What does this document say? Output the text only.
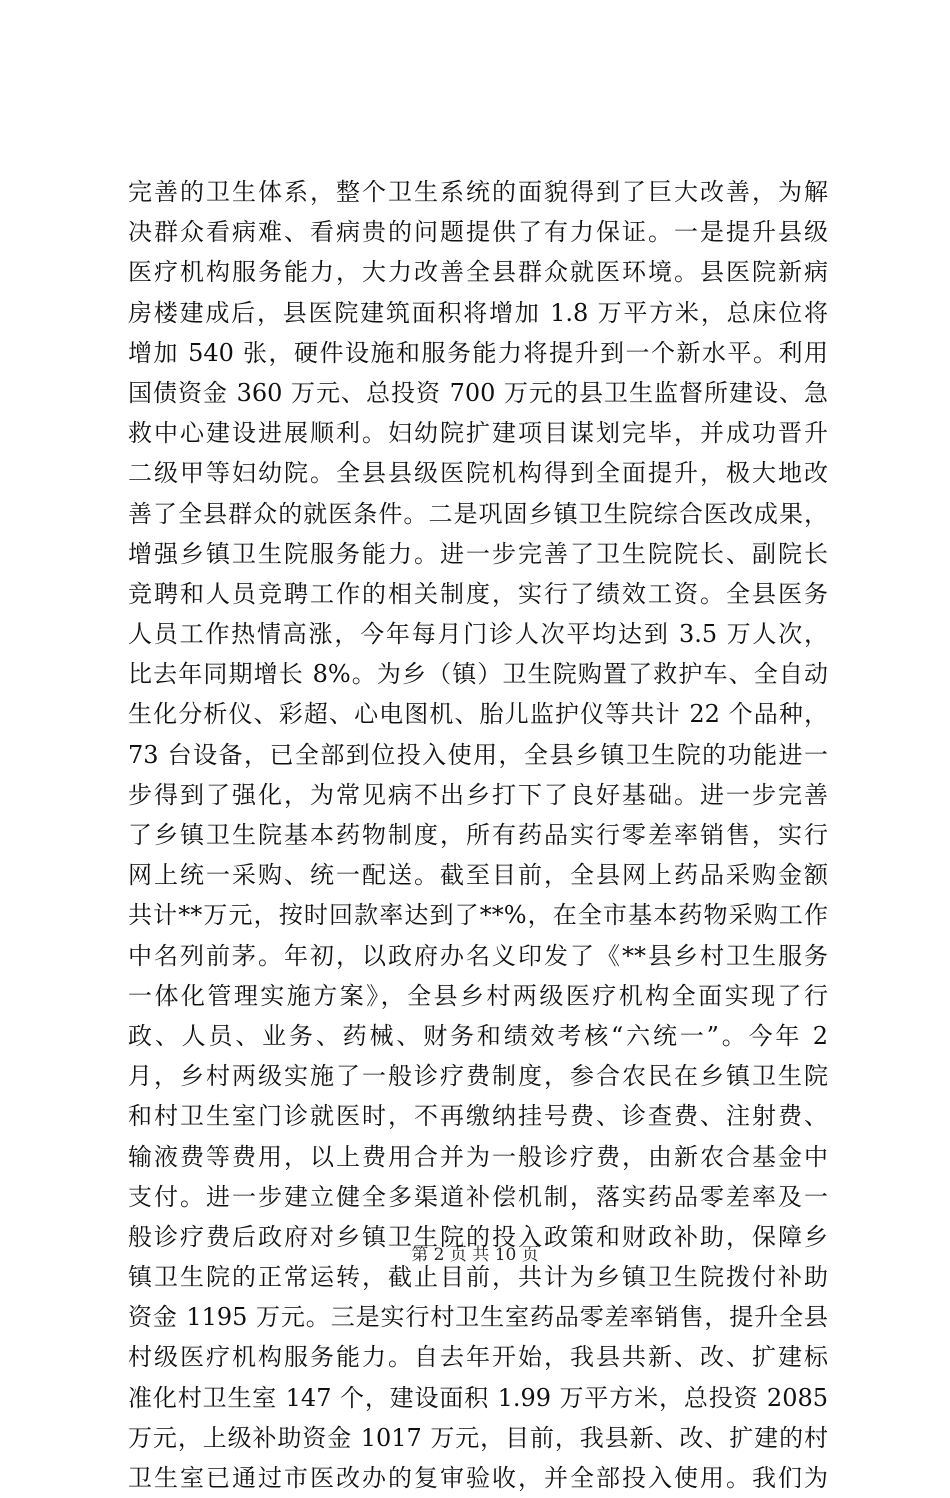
完善的卫生体系，整个卫生系统的面貌得到了巨大改善，为解
决群众看病难、看病贵的问题提供了有力保证。一是提升县级
医疗机构服务能力，大力改善全县群众就医环境。县医院新病
房楼建成后，县医院建筑面积将增加 1.8 万平方米，总床位将
增加 540 张，硬件设施和服务能力将提升到一个新水平。利用
国债资金 360 万元、总投资 700 万元的县卫生监督所建设、急
救中心建设进展顺利。妇幼院扩建项目谋划完毕，并成功晋升
二级甲等妇幼院。全县县级医院机构得到全面提升，极大地改
善了全县群众的就医条件。二是巩固乡镇卫生院综合医改成果，
增强乡镇卫生院服务能力。进一步完善了卫生院院长、副院长
竞聘和人员竞聘工作的相关制度，实行了绩效工资。全县医务
人员工作热情高涨，今年每月门诊人次平均达到 3.5 万人次，
比去年同期增长 8%。为乡（镇）卫生院购置了救护车、全自动
生化分析仪、彩超、心电图机、胎儿监护仪等共计 22 个品种，
73 台设备，已全部到位投入使用，全县乡镇卫生院的功能进一
步得到了强化，为常见病不出乡打下了良好基础。进一步完善
了乡镇卫生院基本药物制度，所有药品实行零差率销售，实行
网上统一采购、统一配送。截至目前，全县网上药品采购金额
共计**万元，按时回款率达到了**%，在全市基本药物采购工作
中名列前茅。年初，以政府办名义印发了《**县乡村卫生服务
一体化管理实施方案》，全县乡村两级医疗机构全面实现了行
政、人员、业务、药械、财务和绩效考核“六统一”。今年 2
月，乡村两级实施了一般诊疗费制度，参合农民在乡镇卫生院
和村卫生室门诊就医时，不再缴纳挂号费、诊查费、注射费、
输液费等费用，以上费用合并为一般诊疗费，由新农合基金中
支付。进一步建立健全多渠道补偿机制，落实药品零差率及一
般诊疗费后政府对乡镇卫生院的投入政策和财政补助，保障乡
镇卫生院的正常运转，截止目前，共计为乡镇卫生院拨付补助
资金 1195 万元。三是实行村卫生室药品零差率销售，提升全县
村级医疗机构服务能力。自去年开始，我县共新、改、扩建标
准化村卫生室 147 个，建设面积 1.99 万平方米，总投资 2085
万元，上级补助资金 1017 万元，目前，我县新、改、扩建的村
卫生室已通过市医改办的复审验收，并全部投入使用。我们为
第 2 页 共 10 页
